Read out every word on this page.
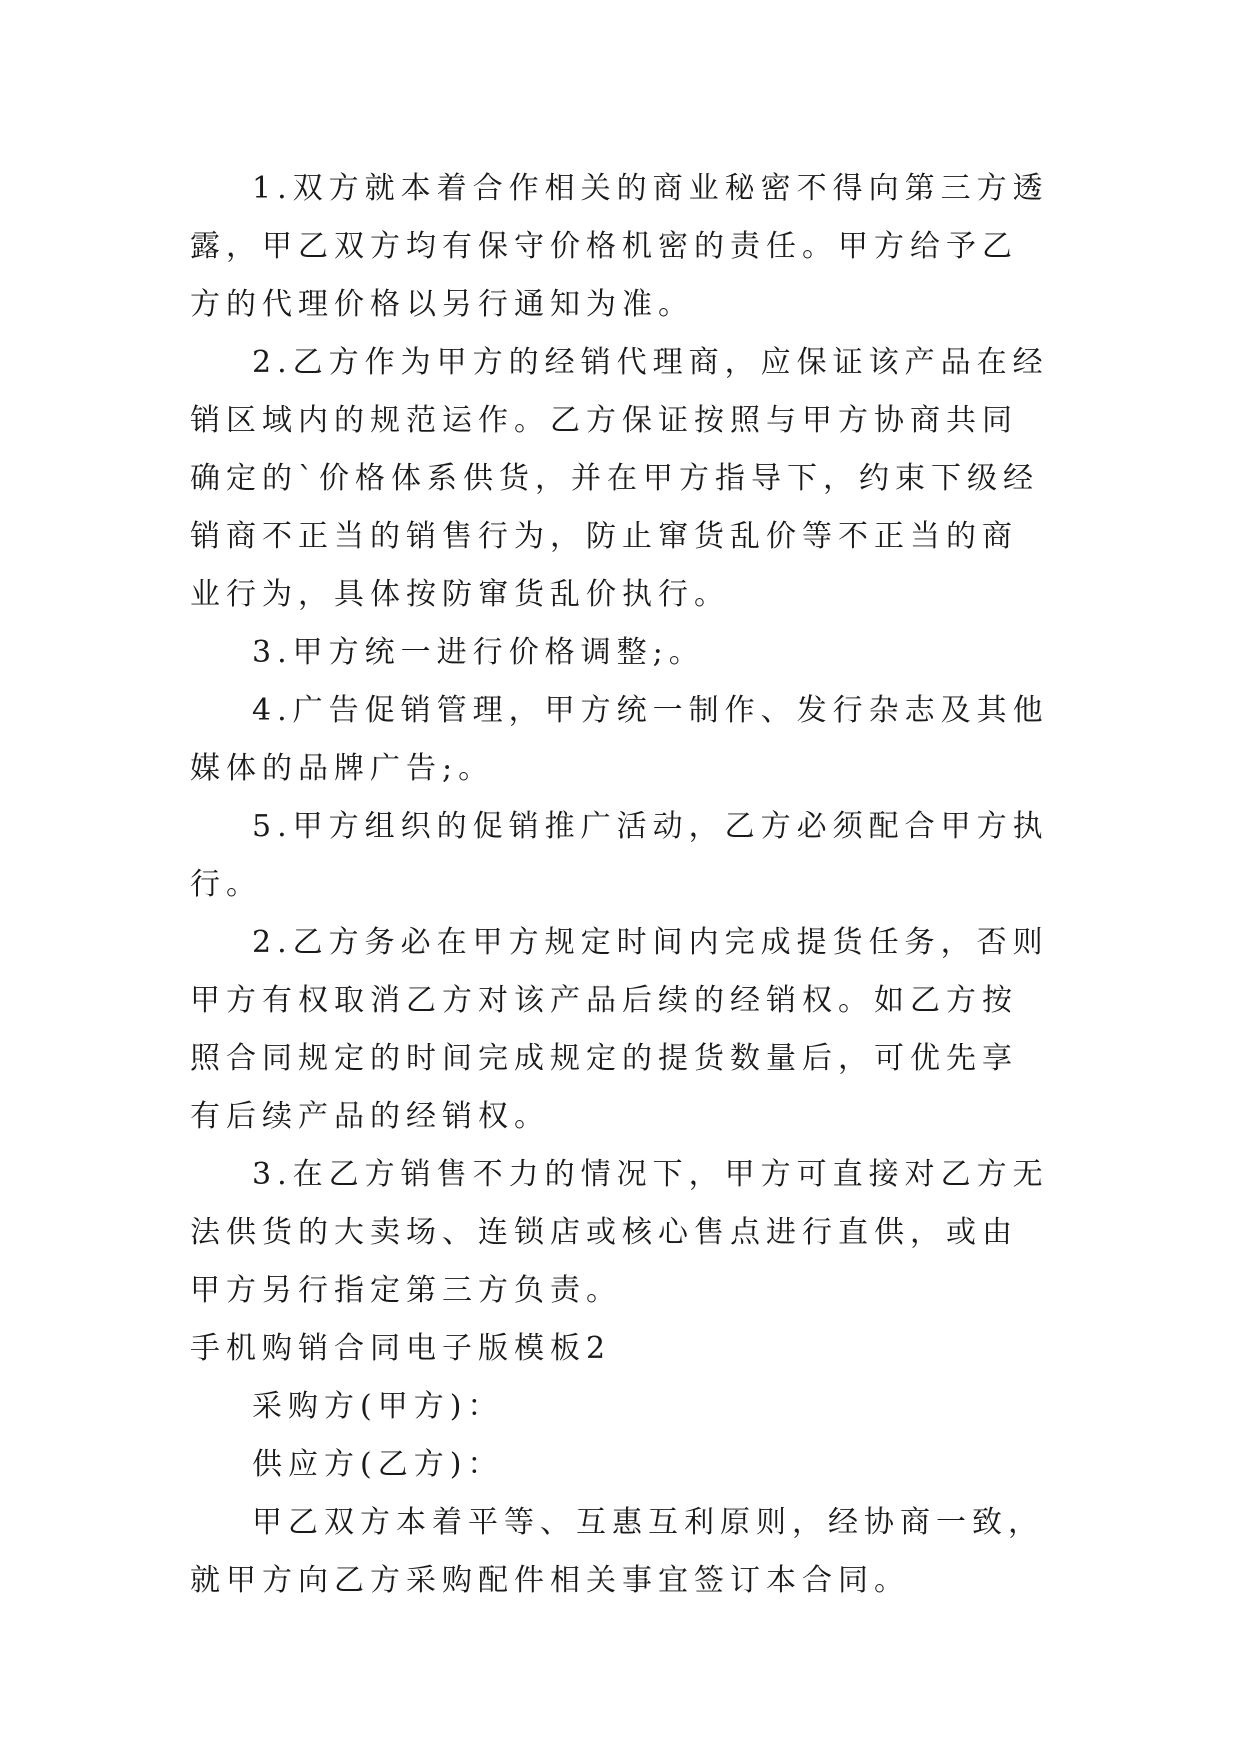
1.双方就本着合作相关的商业秘密不得向第三方透露，甲乙双方均有保守价格机密的责任。甲方给予乙方的代理价格以另行通知为准。

2.乙方作为甲方的经销代理商，应保证该产品在经销区域内的规范运作。乙方保证按照与甲方协商共同确定的`价格体系供货，并在甲方指导下，约束下级经销商不正当的销售行为，防止窜货乱价等不正当的商业行为，具体按防窜货乱价执行。

3.甲方统一进行价格调整;。

4.广告促销管理，甲方统一制作、发行杂志及其他媒体的品牌广告;。

5.甲方组织的促销推广活动，乙方必须配合甲方执行。

2.乙方务必在甲方规定时间内完成提货任务，否则甲方有权取消乙方对该产品后续的经销权。如乙方按照合同规定的时间完成规定的提货数量后，可优先享有后续产品的经销权。

3.在乙方销售不力的情况下，甲方可直接对乙方无法供货的大卖场、连锁店或核心售点进行直供，或由甲方另行指定第三方负责。

手机购销合同电子版模板2

采购方(甲方)：

供应方(乙方)：

甲乙双方本着平等、互惠互利原则，经协商一致，就甲方向乙方采购配件相关事宜签订本合同。
